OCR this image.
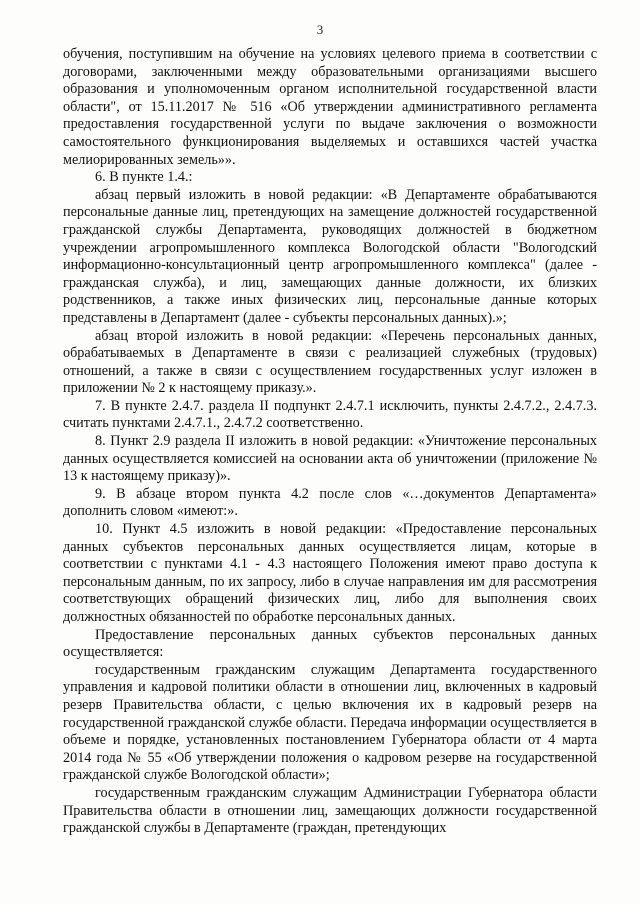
3

обучения, поступившим на обучение на условиях целевого приема в соответствии с договорами, заключенными между образовательными организациями высшего образования и уполномоченным органом исполнительной государственной власти области", от 15.11.2017 № 516 «Об утверждении административного регламента предоставления государственной услуги по выдаче заключения о возможности самостоятельного функционирования выделяемых и оставшихся частей участка мелиорированных земель»».

6. В пункте 1.4.:

абзац первый изложить в новой редакции: «В Департаменте обрабатываются персональные данные лиц, претендующих на замещение должностей государственной гражданской службы Департамента, руководящих должностей в бюджетном учреждении агропромышленного комплекса Вологодской области "Вологодский информационно-консультационный центр агропромышленного комплекса" (далее - гражданская служба), и лиц, замещающих данные должности, их близких родственников, а также иных физических лиц, персональные данные которых представлены в Департамент (далее - субъекты персональных данных).»;

абзац второй изложить в новой редакции: «Перечень персональных данных, обрабатываемых в Департаменте в связи с реализацией служебных (трудовых) отношений, а также в связи с осуществлением государственных услуг изложен в приложении № 2 к настоящему приказу.».

7. В пункте 2.4.7. раздела II подпункт 2.4.7.1 исключить, пункты 2.4.7.2., 2.4.7.3. считать пунктами 2.4.7.1., 2.4.7.2 соответственно.

8. Пункт 2.9 раздела II изложить в новой редакции: «Уничтожение персональных данных осуществляется комиссией на основании акта об уничтожении (приложение № 13 к настоящему приказу)».

9. В абзаце втором пункта 4.2 после слов «…документов Департамента» дополнить словом «имеют:».

10. Пункт 4.5 изложить в новой редакции: «Предоставление персональных данных субъектов персональных данных осуществляется лицам, которые в соответствии с пунктами 4.1 - 4.3 настоящего Положения имеют право доступа к персональным данным, по их запросу, либо в случае направления им для рассмотрения соответствующих обращений физических лиц, либо для выполнения своих должностных обязанностей по обработке персональных данных.

Предоставление персональных данных субъектов персональных данных осуществляется:

государственным гражданским служащим Департамента государственного управления и кадровой политики области в отношении лиц, включенных в кадровый резерв Правительства области, с целью включения их в кадровый резерв на государственной гражданской службе области. Передача информации осуществляется в объеме и порядке, установленных постановлением Губернатора области от 4 марта 2014 года № 55 «Об утверждении положения о кадровом резерве на государственной гражданской службе Вологодской области»;

государственным гражданским служащим Администрации Губернатора области Правительства области в отношении лиц, замещающих должности государственной гражданской службы в Департаменте (граждан, претендующих
